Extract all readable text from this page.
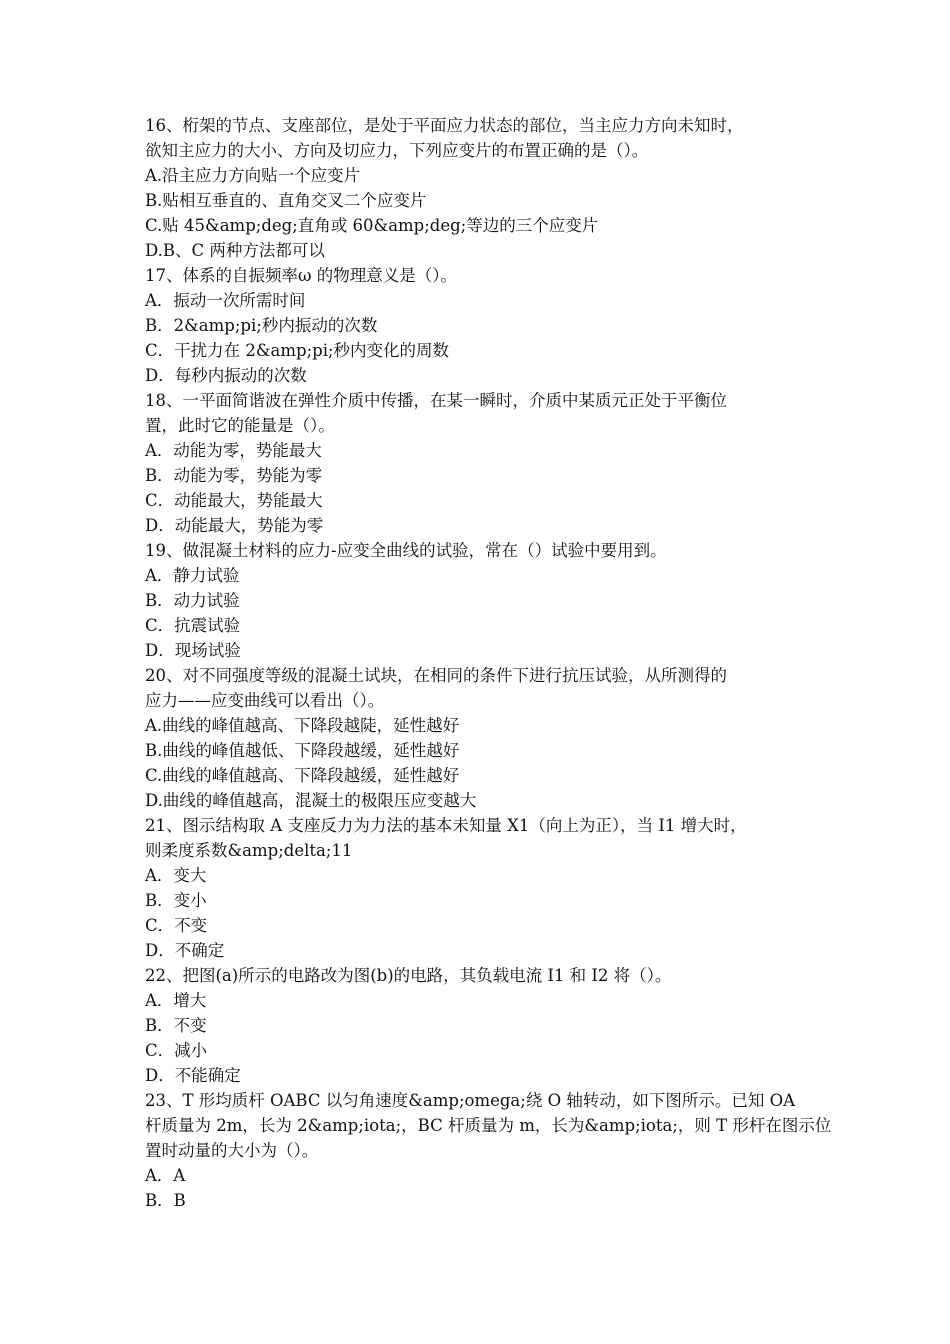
16、桁架的节点、支座部位，是处于平面应力状态的部位，当主应力方向未知时，
欲知主应力的大小、方向及切应力，下列应变片的布置正确的是（）。
A.沿主应力方向贴一个应变片
B.贴相互垂直的、直角交叉二个应变片
C.贴 45&amp;deg;直角或 60&amp;deg;等边的三个应变片
D.B、C 两种方法都可以
17、体系的自振频率ω 的物理意义是（）。
A．振动一次所需时间
B．2&amp;pi;秒内振动的次数
C．干扰力在 2&amp;pi;秒内变化的周数
D．每秒内振动的次数
18、一平面简谐波在弹性介质中传播，在某一瞬时，介质中某质元正处于平衡位
置，此时它的能量是（）。
A．动能为零，势能最大
B．动能为零，势能为零
C．动能最大，势能最大
D．动能最大，势能为零
19、做混凝土材料的应力-应变全曲线的试验，常在（）试验中要用到。
A．静力试验
B．动力试验
C．抗震试验
D．现场试验
20、对不同强度等级的混凝土试块，在相同的条件下进行抗压试验，从所测得的
应力——应变曲线可以看出（）。
A.曲线的峰值越高、下降段越陡，延性越好
B.曲线的峰值越低、下降段越缓，延性越好
C.曲线的峰值越高、下降段越缓，延性越好
D.曲线的峰值越高，混凝土的极限压应变越大
21、图示结构取 A 支座反力为力法的基本未知量 X1（向上为正），当 I1 增大时，
则柔度系数&amp;delta;11
A．变大
B．变小
C．不变
D．不确定
22、把图(a)所示的电路改为图(b)的电路，其负载电流 I1 和 I2 将（）。
A．增大
B．不变
C．减小
D．不能确定
23、T 形均质杆 OABC 以匀角速度&amp;omega;绕 O 轴转动，如下图所示。已知 OA
杆质量为 2m，长为 2&amp;iota;，BC 杆质量为 m，长为&amp;iota;，则 T 形杆在图示位
置时动量的大小为（）。
A．A
B．B
